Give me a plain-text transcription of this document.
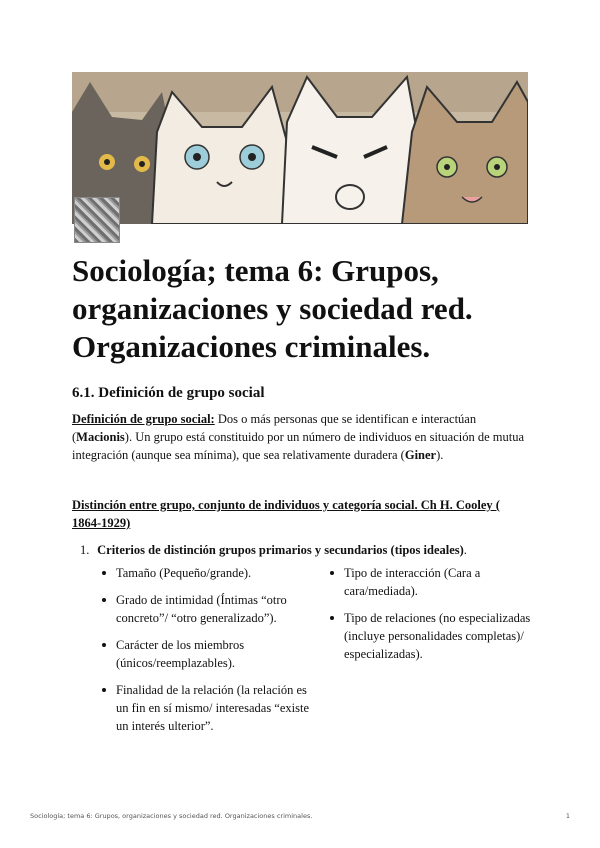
Sociología; tema 6: Grupos, organizaciones y sociedad red. Organizaciones criminales.
6.1. Definición de grupo social
Definición de grupo social: Dos o más personas que se identifican e interactúan (Macionis). Un grupo está constituido por un número de individuos en situación de mutua integración (aunque sea mínima), que sea relativamente duradera (Giner).
Distinción entre grupo, conjunto de individuos y categoría social. Ch H. Cooley ( 1864-1929)
1. Criterios de distinción grupos primarios y secundarios (tipos ideales).
Tamaño (Pequeño/grande).
Grado de intimidad (Íntimas “otro concreto”/ “otro generalizado”).
Carácter de los miembros (únicos/reemplazables).
Finalidad de la relación (la relación es un fin en sí mismo/ interesadas “existe un interés ulterior”.
Tipo de interacción (Cara a cara/mediada).
Tipo de relaciones (no especializadas (incluye personalidades completas)/ especializadas).
Sociología; tema 6: Grupos, organizaciones y sociedad red. Organizaciones criminales.	1
